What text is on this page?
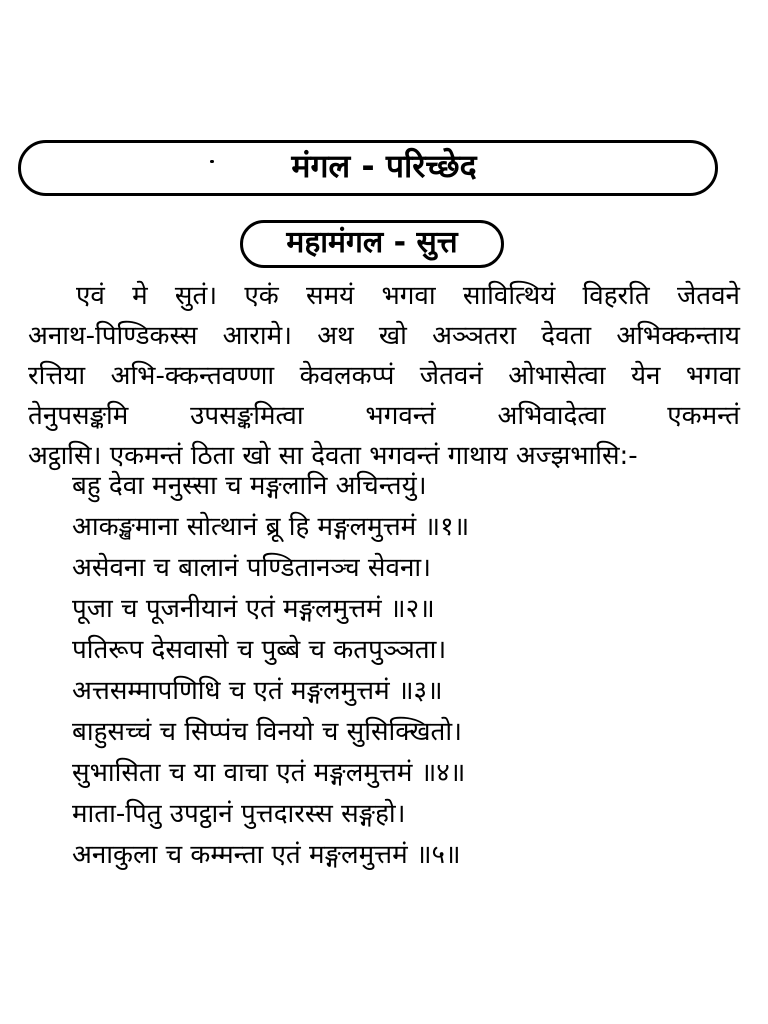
मंगल - परिच्छेद
महामंगल - सुत्त
एवं मे सुतं। एकं समयं भगवा सावित्थियं विहरति जेतवने
अनाथ-पिण्डिकस्स आरामे। अथ खो अञ्ञतरा देवता अभिक्कन्ताय
रत्तिया अभि-क्कन्तवण्णा केवलकप्पं जेतवनं ओभासेत्वा येन भगवा
तेनुपसङ्कमि उपसङ्कमित्वा भगवन्तं अभिवादेत्वा एकमन्तं
अट्ठासि। एकमन्तं ठिता खो सा देवता भगवन्तं गाथाय अज्झभासि:-
बहु देवा मनुस्सा च मङ्गलानि अचिन्तयुं।
आकङ्खमाना सोत्थानं ब्रू हि मङ्गलमुत्तमं ॥१॥
असेवना च बालानं पण्डितानञ्च सेवना।
पूजा च पूजनीयानं एतं मङ्गलमुत्तमं ॥२॥
पतिरूप देसवासो च पुब्बे च कतपुञ्ञता।
अत्तसम्मापणिधि च एतं मङ्गलमुत्तमं ॥३॥
बाहुसच्चं च सिप्पंच विनयो च सुसिक्खितो।
सुभासिता च या वाचा एतं मङ्गलमुत्तमं ॥४॥
माता-पितु उपट्ठानं पुत्तदारस्स सङ्गहो।
अनाकुला च कम्मन्ता एतं मङ्गलमुत्तमं ॥५॥
